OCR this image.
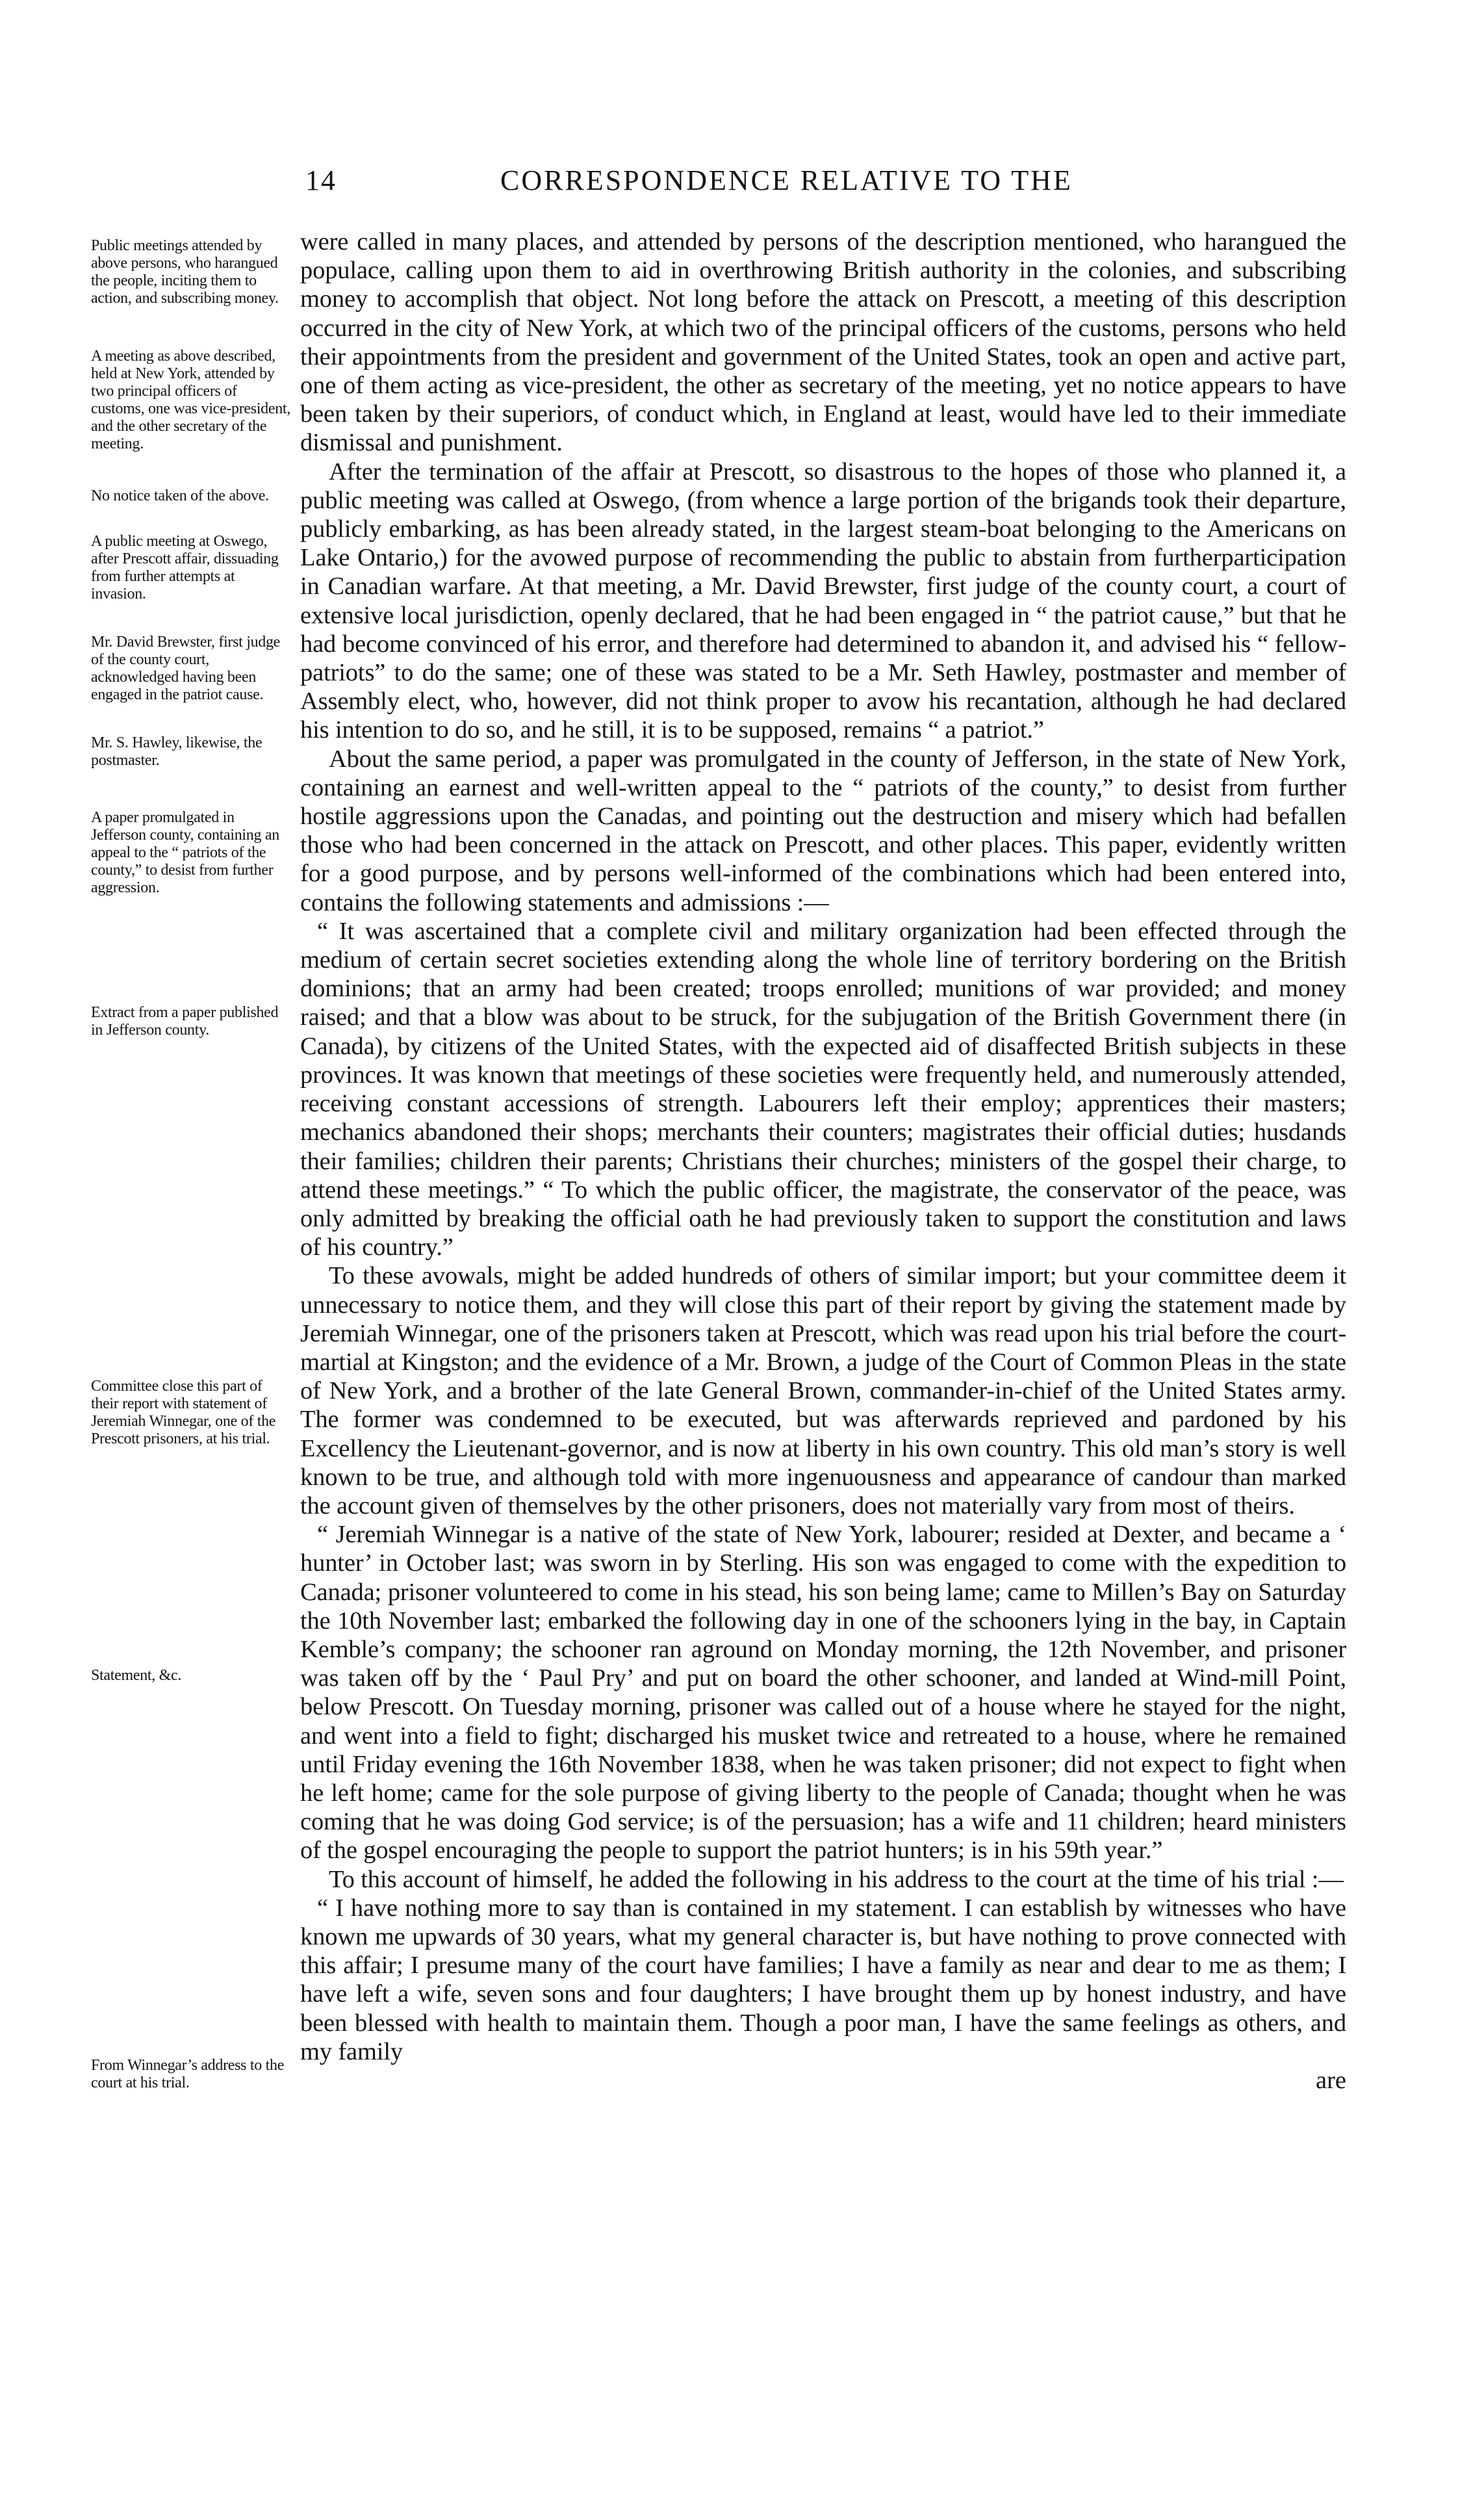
14	CORRESPONDENCE RELATIVE TO THE
Public meetings attended by above persons, who harangued the people, inciting them to action, and subscribing money.
A meeting as above described, held at New York, attended by two principal officers of customs, one was vice-president, and the other secretary of the meeting.
No notice taken of the above.
A public meeting at Oswego, after Prescott affair, dissuading from further attempts at invasion.
Mr. David Brewster, first judge of the county court, acknowledged having been engaged in the patriot cause.
Mr. S. Hawley, likewise, the postmaster.
A paper promulgated in Jefferson county, containing an appeal to the “ patriots of the county,” to desist from further aggression.
Extract from a paper published in Jefferson county.
Committee close this part of their report with statement of Jeremiah Winnegar, one of the Prescott prisoners, at his trial.
Statement, &c.
From Winnegar’s address to the court at his trial.

were called in many places, and attended by persons of the description mentioned, who harangued the populace, calling upon them to aid in overthrowing British authority in the colonies, and subscribing money to accomplish that object. Not long before the attack on Prescott, a meeting of this description occurred in the city of New York, at which two of the principal officers of the customs, persons who held their appointments from the president and government of the United States, took an open and active part, one of them acting as vice-president, the other as secretary of the meeting, yet no notice appears to have been taken by their superiors, of conduct which, in England at least, would have led to their immediate dismissal and punishment.

After the termination of the affair at Prescott, so disastrous to the hopes of those who planned it, a public meeting was called at Oswego, (from whence a large portion of the brigands took their departure, publicly embarking, as has been already stated, in the largest steam-boat belonging to the Americans on Lake Ontario,) for the avowed purpose of recommending the public to abstain from furtherparticipation in Canadian warfare. At that meeting, a Mr. David Brewster, first judge of the county court, a court of extensive local jurisdiction, openly declared, that he had been engaged in “ the patriot cause,” but that he had become convinced of his error, and therefore had determined to abandon it, and advised his “ fellow-patriots” to do the same; one of these was stated to be a Mr. Seth Hawley, postmaster and member of Assembly elect, who, however, did not think proper to avow his recantation, although he had declared his intention to do so, and he still, it is to be supposed, remains “ a patriot.”

About the same period, a paper was promulgated in the county of Jefferson, in the state of New York, containing an earnest and well-written appeal to the “ patriots of the county,” to desist from further hostile aggressions upon the Canadas, and pointing out the destruction and misery which had befallen those who had been concerned in the attack on Prescott, and other places. This paper, evidently written for a good purpose, and by persons well-informed of the combinations which had been entered into, contains the following statements and admissions :—

“ It was ascertained that a complete civil and military organization had been effected through the medium of certain secret societies extending along the whole line of territory bordering on the British dominions; that an army had been created; troops enrolled; munitions of war provided; and money raised; and that a blow was about to be struck, for the subjugation of the British Government there (in Canada), by citizens of the United States, with the expected aid of disaffected British subjects in these provinces. It was known that meetings of these societies were frequently held, and numerously attended, receiving constant accessions of strength. Labourers left their employ; apprentices their masters; mechanics abandoned their shops; merchants their counters; magistrates their official duties; husdands their families; children their parents; Christians their churches; ministers of the gospel their charge, to attend these meetings.” “ To which the public officer, the magistrate, the conservator of the peace, was only admitted by breaking the official oath he had previously taken to support the constitution and laws of his country.”

To these avowals, might be added hundreds of others of similar import; but your committee deem it unnecessary to notice them, and they will close this part of their report by giving the statement made by Jeremiah Winnegar, one of the prisoners taken at Prescott, which was read upon his trial before the court-martial at Kingston; and the evidence of a Mr. Brown, a judge of the Court of Common Pleas in the state of New York, and a brother of the late General Brown, commander-in-chief of the United States army. The former was condemned to be executed, but was afterwards reprieved and pardoned by his Excellency the Lieutenant-governor, and is now at liberty in his own country. This old man’s story is well known to be true, and although told with more ingenuousness and appearance of candour than marked the account given of themselves by the other prisoners, does not materially vary from most of theirs.

“ Jeremiah Winnegar is a native of the state of New York, labourer; resided at Dexter, and became a ‘ hunter’ in October last; was sworn in by Sterling. His son was engaged to come with the expedition to Canada; prisoner volunteered to come in his stead, his son being lame; came to Millen’s Bay on Saturday the 10th November last; embarked the following day in one of the schooners lying in the bay, in Captain Kemble’s company; the schooner ran aground on Monday morning, the 12th November, and prisoner was taken off by the ‘ Paul Pry’ and put on board the other schooner, and landed at Wind-mill Point, below Prescott. On Tuesday morning, prisoner was called out of a house where he stayed for the night, and went into a field to fight; discharged his musket twice and retreated to a house, where he remained until Friday evening the 16th November 1838, when he was taken prisoner; did not expect to fight when he left home; came for the sole purpose of giving liberty to the people of Canada; thought when he was coming that he was doing God service; is of the persuasion; has a wife and 11 children; heard ministers of the gospel encouraging the people to support the patriot hunters; is in his 59th year.”

To this account of himself, he added the following in his address to the court at the time of his trial :—

“ I have nothing more to say than is contained in my statement. I can establish by witnesses who have known me upwards of 30 years, what my general character is, but have nothing to prove connected with this affair; I presume many of the court have families; I have a family as near and dear to me as them; I have left a wife, seven sons and four daughters; I have brought them up by honest industry, and have been blessed with health to maintain them. Though a poor man, I have the same feelings as others, and my family

are
